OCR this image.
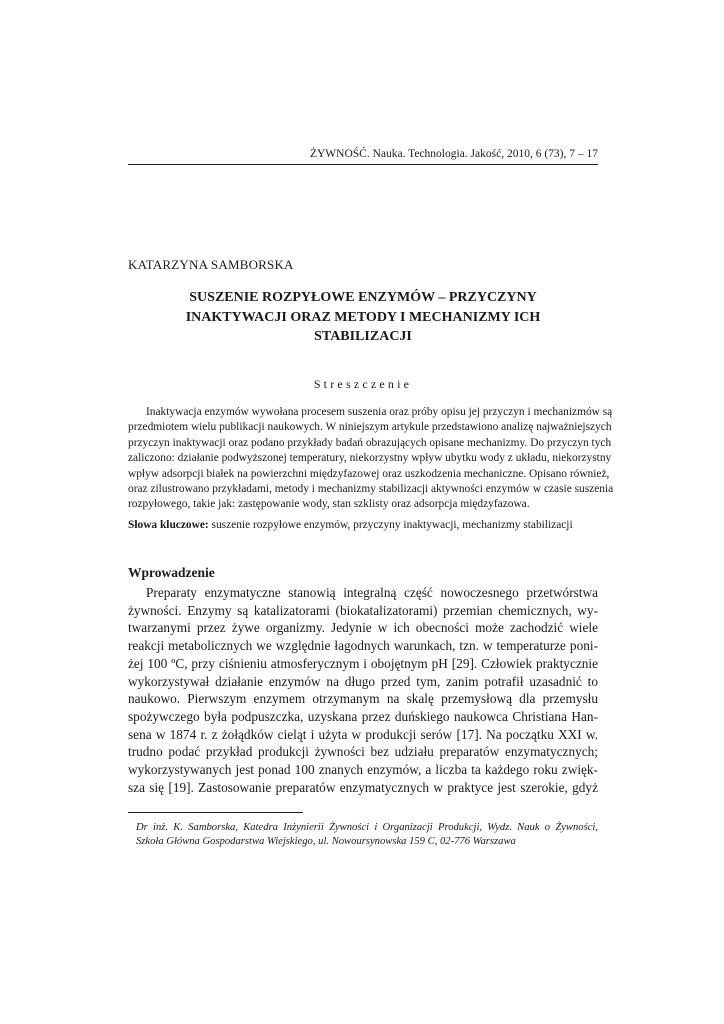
ŻYWNOŚĆ. Nauka. Technologia. Jakość, 2010, 6 (73), 7 – 17
KATARZYNA SAMBORSKA
SUSZENIE ROZPYŁOWE ENZYMÓW – PRZYCZYNY
INAKTYWACJI ORAZ METODY I MECHANIZMY ICH
STABILIZACJI
Streszczenie
Inaktywacja enzymów wywołana procesem suszenia oraz próby opisu jej przyczyn i mechanizmów są
przedmiotem wielu publikacji naukowych. W niniejszym artykule przedstawiono analizę najważniejszych
przyczyn inaktywacji oraz podano przykłady badań obrazujących opisane mechanizmy. Do przyczyn tych
zaliczono: działanie podwyższonej temperatury, niekorzystny wpływ ubytku wody z układu, niekorzystny
wpływ adsorpcji białek na powierzchni międzyfazowej oraz uszkodzenia mechaniczne. Opisano również,
oraz zilustrowano przykładami, metody i mechanizmy stabilizacji aktywności enzymów w czasie suszenia
rozpyłowego, takie jak: zastępowanie wody, stan szklisty oraz adsorpcja międzyfazowa.
Słowa kluczowe: suszenie rozpyłowe enzymów, przyczyny inaktywacji, mechanizmy stabilizacji
Wprowadzenie
Preparaty enzymatyczne stanowią integralną część nowoczesnego przetwórstwa
żywności. Enzymy są katalizatorami (biokatalizatorami) przemian chemicznych, wy-
twarzanymi przez żywe organizmy. Jedynie w ich obecności może zachodzić wiele
reakcji metabolicznych we względnie łagodnych warunkach, tzn. w temperaturze poni-
żej 100 ºC, przy ciśnieniu atmosferycznym i obojętnym pH [29]. Człowiek praktycznie
wykorzystywał działanie enzymów na długo przed tym, zanim potrafił uzasadnić to
naukowo. Pierwszym enzymem otrzymanym na skalę przemysłową dla przemysłu
spożywczego była podpuszczka, uzyskana przez duńskiego naukowca Christiana Han-
sena w 1874 r. z żołądków cieląt i użyta w produkcji serów [17]. Na początku XXI w.
trudno podać przykład produkcji żywności bez udziału preparatów enzymatycznych;
wykorzystywanych jest ponad 100 znanych enzymów, a liczba ta każdego roku zwięk-
sza się [19]. Zastosowanie preparatów enzymatycznych w praktyce jest szerokie, gdyż
Dr inż. K. Samborska, Katedra Inżynierii Żywności i Organizacji Produkcji, Wydz. Nauk o Żywności,
Szkoła Główna Gospodarstwa Wiejskiego, ul. Nowoursynowska 159 C, 02-776 Warszawa
